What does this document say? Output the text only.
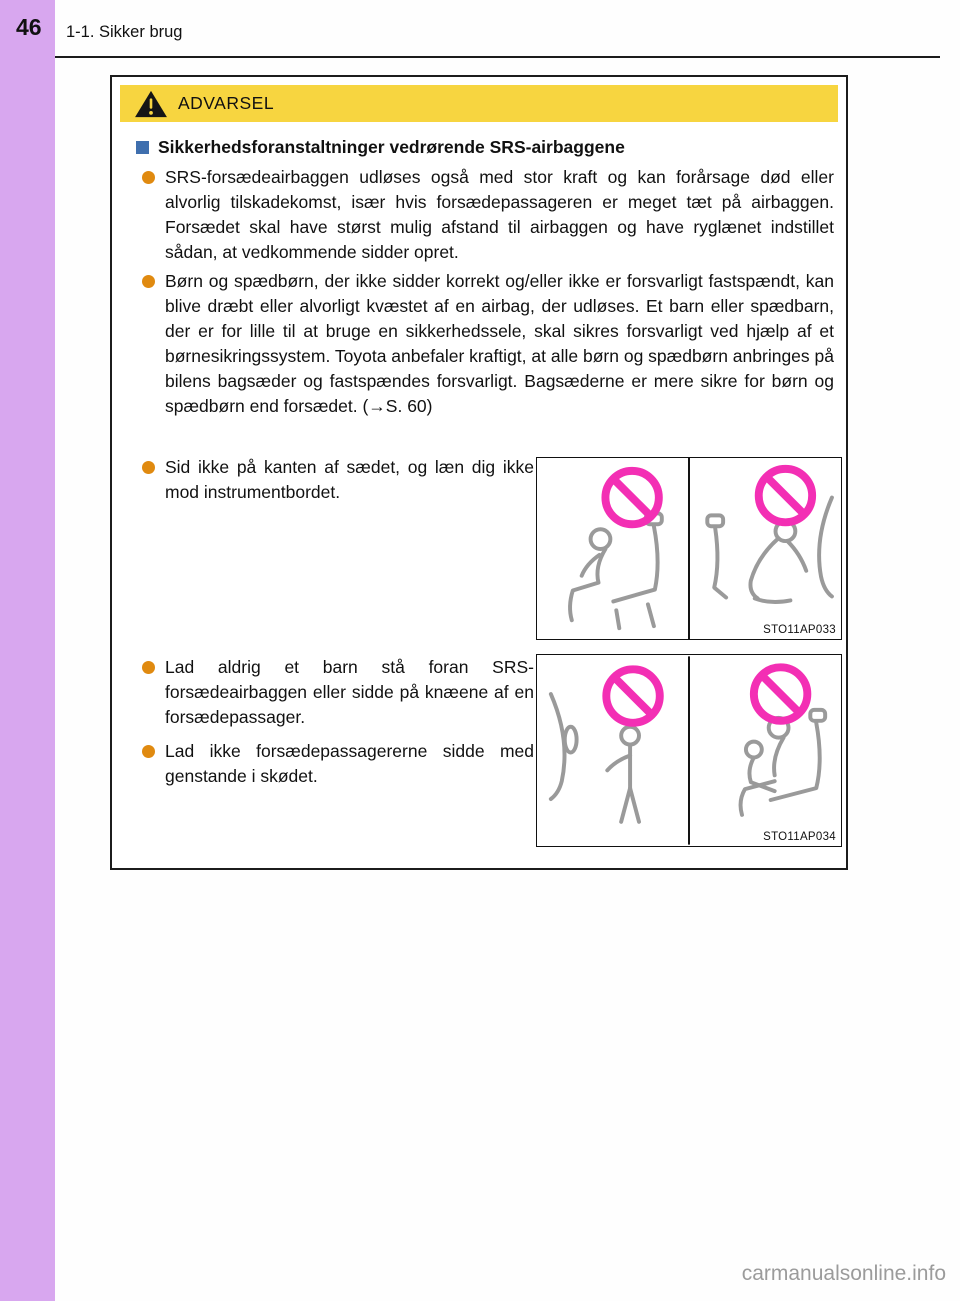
46 1-1. Sikker brug
ADVARSEL
Sikkerhedsforanstaltninger vedrørende SRS-airbaggene

SRS-forsædeairbaggen udløses også med stor kraft og kan forårsage død eller alvorlig tilskadekomst, især hvis forsædepassageren er meget tæt på airbaggen. Forsædet skal have størst mulig afstand til airbaggen og have ryglænet indstillet sådan, at vedkommende sidder opret.

Børn og spædbørn, der ikke sidder korrekt og/eller ikke er forsvarligt fastspændt, kan blive dræbt eller alvorligt kvæstet af en airbag, der udløses. Et barn eller spædbarn, der er for lille til at bruge en sikkerhedssele, skal sikres forsvarligt ved hjælp af et børnesikringssystem. Toyota anbefaler kraftigt, at alle børn og spædbørn anbringes på bilens bagsæder og fastspændes forsvarligt. Bagsæderne er mere sikre for børn og spædbørn end forsædet. (→S. 60)

Sid ikke på kanten af sædet, og læn dig ikke mod instrumentbordet.

STO11AP033

Lad aldrig et barn stå foran SRS-forsædeairbaggen eller sidde på knæene af en forsædepassager.

Lad ikke forsædepassagererne sidde med genstande i skødet.

STO11AP034
carmanualsonline.info
